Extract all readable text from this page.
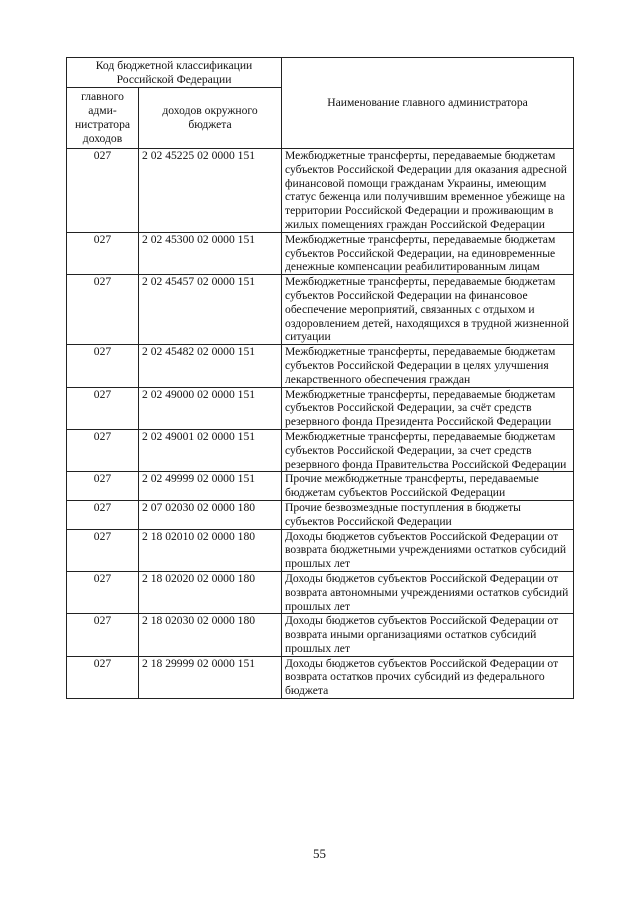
Код бюджетной классификации Российской Федерации		Наименование главного администратора
главного адми-нистратора доходов	доходов окружного бюджета	
027	2 02 45225 02 0000 151	Межбюджетные трансферты, передаваемые бюджетам субъектов Российской Федерации для оказания адресной финансовой помощи гражданам Украины, имеющим статус беженца или получившим временное убежище на территории Российской Федерации и проживающим в жилых помещениях граждан Российской Федерации
027	2 02 45300 02 0000 151	Межбюджетные трансферты, передаваемые бюджетам субъектов Российской Федерации, на единовременные денежные компенсации реабилитированным лицам
027	2 02 45457 02 0000 151	Межбюджетные трансферты, передаваемые бюджетам субъектов Российской Федерации на финансовое обеспечение мероприятий, связанных с отдыхом и оздоровлением детей, находящихся в трудной жизненной ситуации
027	2 02 45482 02 0000 151	Межбюджетные трансферты, передаваемые бюджетам субъектов Российской Федерации в целях улучшения лекарственного обеспечения граждан
027	2 02 49000 02 0000 151	Межбюджетные трансферты, передаваемые бюджетам субъектов Российской Федерации, за счёт средств резервного фонда Президента Российской Федерации
027	2 02 49001 02 0000 151	Межбюджетные трансферты, передаваемые бюджетам субъектов Российской Федерации, за счет средств резервного фонда Правительства Российской Федерации
027	2 02 49999 02 0000 151	Прочие межбюджетные трансферты, передаваемые бюджетам субъектов Российской Федерации
027	2 07 02030 02 0000 180	Прочие безвозмездные поступления в бюджеты субъектов Российской Федерации
027	2 18 02010 02 0000 180	Доходы бюджетов субъектов Российской Федерации от возврата бюджетными учреждениями остатков субсидий прошлых лет
027	2 18 02020 02 0000 180	Доходы бюджетов субъектов Российской Федерации от возврата автономными учреждениями остатков субсидий прошлых лет
027	2 18 02030 02 0000 180	Доходы бюджетов субъектов Российской Федерации от возврата иными организациями остатков субсидий прошлых лет
027	2 18 29999 02 0000 151	Доходы бюджетов субъектов Российской Федерации от возврата остатков прочих субсидий из федерального бюджета
55
